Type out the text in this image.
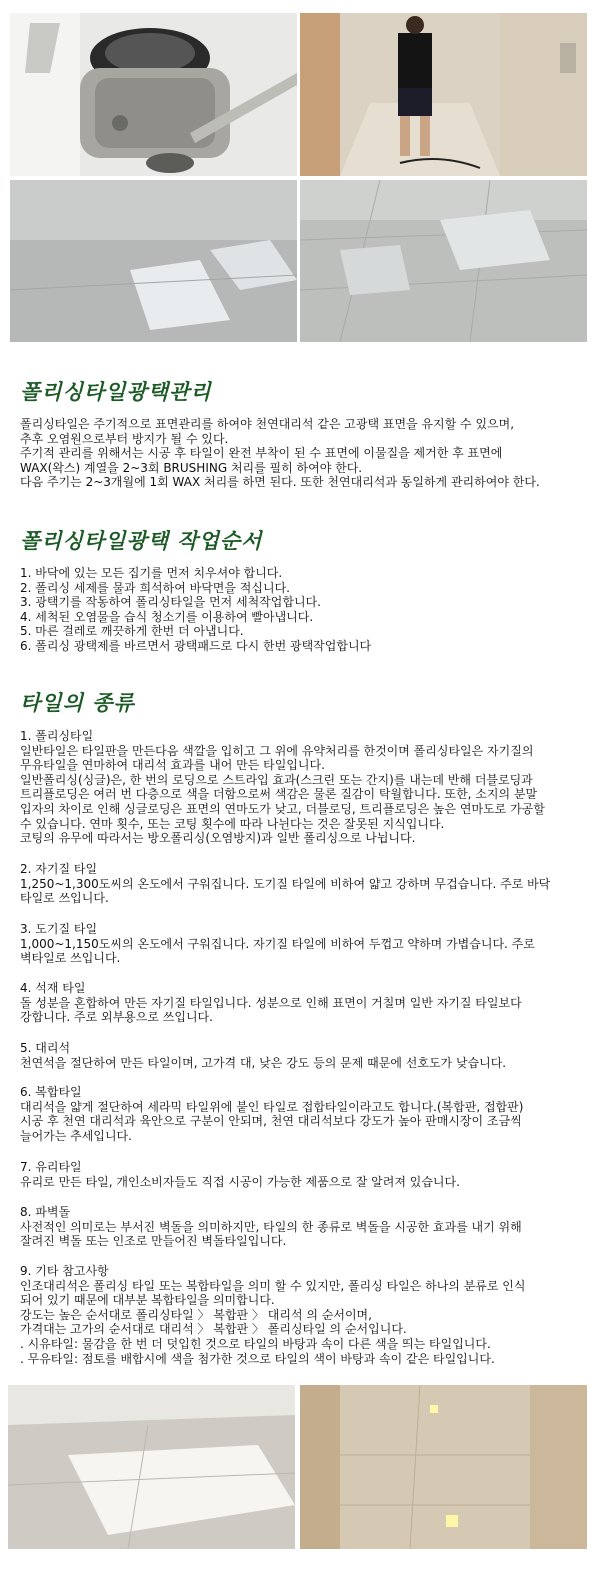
폴리싱타일광택관리

폴리싱타일은 주기적으로 표면관리를 하여야 천연대리석 같은 고광택 표면을 유지할 수 있으며,

추후 오염원으로부터 방지가 될 수 있다.

주기적 관리를 위해서는 시공 후 타일이 완전 부착이 된 수 표면에 이물질을 제거한 후 표면에

WAX(왁스) 계열을 2~3회 BRUSHING 처리를 필히 하여야 한다.

다음 주기는 2~3개월에 1회 WAX 처리를 하면 된다. 또한 천연대리석과 동일하게 관리하여야 한다.

폴리싱타일광택 작업순서
1. 바닥에 있는 모든 집기를 먼저 치우셔야 합니다.
2. 폴리싱 세제를 물과 희석하여 바닥면을 적십니다.
3. 광택기를 작동하여 폴리싱타일을 먼저 세척작업합니다.
4. 세척된 오염물을 습식 청소기를 이용하여 빨아냅니다.
5. 마른 걸레로 깨끗하게 한번 더 아냅니다.
6. 폴리싱 광택제를 바르면서 광택패드로 다시 한번 광택작업합니다
타일의 종류

1. 폴리싱타일

일반타일은 타일판을 만든다음 색깔을 입히고 그 위에 유약처리를 한것이며 폴리싱타일은 자기질의

무유타일을 연마하여 대리석 효과를 내어 만든 타일입니다.

일반폴리싱(싱글)은, 한 번의 로딩으로 스트라입 효과(스크린 또는 간지)를 내는데 반해 더블로딩과

트리플로딩은 여러 번 다층으로 색을 더함으로써 색감은 물론 질감이 탁월합니다. 또한, 소지의 분말

입자의 차이로 인해 싱글로딩은 표면의 연마도가 낮고, 더블로딩, 트리플로딩은 높은 연마도로 가공할

수 있습니다. 연마 횟수, 또는 코팅 횟수에 따라 나뉜다는 것은 잘못된 지식입니다.

코팅의 유무에 따라서는 방오폴리싱(오염방지)과 일반 폴리싱으로 나뉩니다.

2. 자기질 타일

1,250~1,300도씨의 온도에서 구워집니다. 도기질 타일에 비하여 얇고 강하며 무겁습니다. 주로 바닥

타일로 쓰입니다.

3. 도기질 타일

1,000~1,150도씨의 온도에서 구워집니다. 자기질 타일에 비하여 두껍고 약하며 가볍습니다. 주로

벽타일로 쓰입니다.

4. 석재 타일

돌 성분을 혼합하여 만든 자기질 타일입니다. 성분으로 인해 표면이 거칠며 일반 자기질 타일보다

강합니다. 주로 외부용으로 쓰입니다.

5. 대리석

천연석을 절단하여 만든 타일이며, 고가격 대, 낮은 강도 등의 문제 때문에 선호도가 낮습니다.

6. 복합타일

대리석을 얇게 절단하여 세라믹 타일위에 붙인 타일로 접합타일이라고도 합니다.(복합판, 접합판)

시공 후 천연 대리석과 육안으로 구분이 안되며, 천연 대리석보다 강도가 높아 판매시장이 조금씩

늘어가는 추세입니다.

7. 유리타일

유리로 만든 타일, 개인소비자들도 직접 시공이 가능한 제품으로 잘 알려져 있습니다.

8. 파벽돌

사전적인 의미로는 부서진 벽돌을 의미하지만, 타일의 한 종류로 벽돌을 시공한 효과를 내기 위해

잘려진 벽돌 또는 인조로 만들어진 벽돌타일입니다.

9. 기타 참고사항

인조대리석은 폴리싱 타일 또는 복합타일을 의미 할 수 있지만, 폴리싱 타일은 하나의 분류로 인식

되어 있기 때문에 대부분 복합타일을 의미합니다.

강도는 높은 순서대로 폴리싱타일 〉 복합판 〉 대리석 의 순서이며,

가격대는 고가의 순서대로 대리석 〉 복합판 〉 폴리싱타일 의 순서입니다.

. 시유타일: 물감을 한 번 더 덧입힌 것으로 타일의 바탕과 속이 다른 색을 띄는 타일입니다.

. 무유타일: 점토를 배합시에 색을 첨가한 것으로 타일의 색이 바탕과 속이 같은 타일입니다.
